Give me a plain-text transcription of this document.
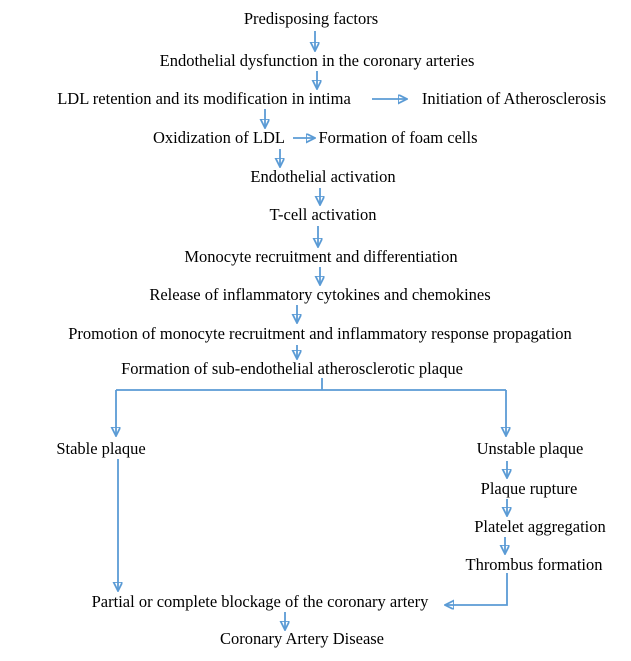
Predisposing factors
Endothelial dysfunction in the coronary arteries
LDL retention and its modification in intima	Initiation of Atherosclerosis
Oxidization of LDL Formation of foam cells
Endothelial activation
T-cell activation
Monocyte recruitment and differentiation
Release of inflammatory cytokines and chemokines
Promotion of monocyte recruitment and inflammatory response propagation
Formation of sub-endothelial atherosclerotic plaque
Stable plaque	Unstable plaque
Plaque rupture
Platelet aggregation
Thrombus formation
Partial or complete blockage of the coronary artery
Coronary Artery Disease
